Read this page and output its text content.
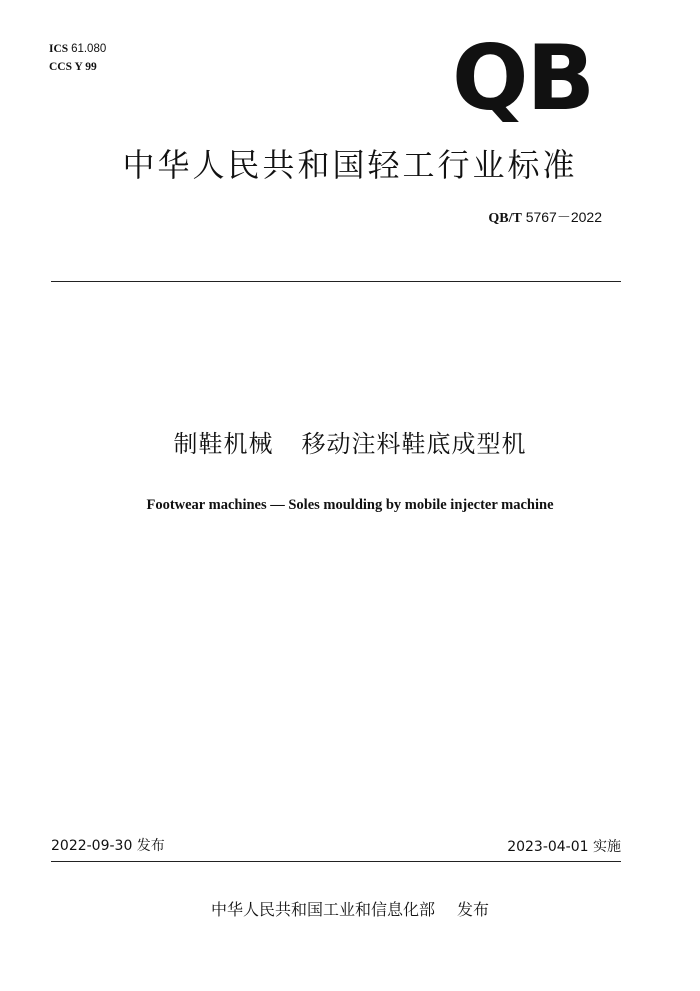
ICS 61.080
CCS Y 99	QB
中华人民共和国轻工行业标准
QB/T 5767－2022
制鞋机械 移动注料鞋底成型机
Footwear machines — Soles moulding by mobile injecter machine
2022-09-30 发布	2023-04-01 实施
中华人民共和国工业和信息化部 发布
